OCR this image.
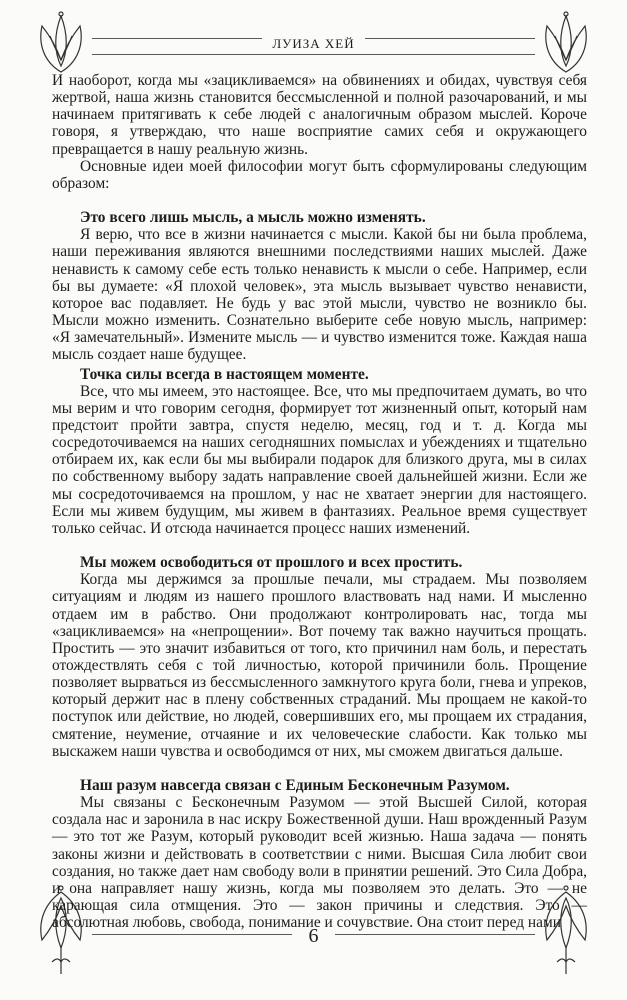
ЛУИЗА ХЕЙ

И наоборот, когда мы «зацикливаемся» на обвинениях и обидах, чувствуя себя жертвой, наша жизнь становится бессмысленной и полной разочарований, и мы начинаем притягивать к себе людей с аналогичным образом мыслей. Короче говоря, я утверждаю, что наше восприятие самих себя и окружающего превращается в нашу реальную жизнь.

Основные идеи моей философии могут быть сформулированы следующим образом:

Это всего лишь мысль, а мысль можно изменять.

Я верю, что все в жизни начинается с мысли. Какой бы ни была проблема, наши переживания являются внешними последствиями наших мыслей. Даже ненависть к самому себе есть только ненависть к мысли о себе. Например, если бы вы думаете: «Я плохой человек», эта мысль вызывает чувство ненависти, которое вас подавляет. Не будь у вас этой мысли, чувство не возникло бы. Мысли можно изменить. Сознательно выберите себе новую мысль, например: «Я замечательный». Измените мысль — и чувство изменится тоже. Каждая наша мысль создает наше будущее.

Точка силы всегда в настоящем моменте.

Все, что мы имеем, это настоящее. Все, что мы предпочитаем думать, во что мы верим и что говорим сегодня, формирует тот жизненный опыт, который нам предстоит пройти завтра, спустя неделю, месяц, год и т. д. Когда мы сосредоточиваемся на наших сегодняшних помыслах и убеждениях и тщательно отбираем их, как если бы мы выбирали подарок для близкого друга, мы в силах по собственному выбору задать направление своей дальнейшей жизни. Если же мы сосредоточиваемся на прошлом, у нас не хватает энергии для настоящего. Если мы живем будущим, мы живем в фантазиях. Реальное время существует только сейчас. И отсюда начинается процесс наших изменений.

Мы можем освободиться от прошлого и всех простить.

Когда мы держимся за прошлые печали, мы страдаем. Мы позволяем ситуациям и людям из нашего прошлого властвовать над нами. И мысленно отдаем им в рабство. Они продолжают контролировать нас, тогда мы «зацикливаемся» на «непрощении». Вот почему так важно научиться прощать. Простить — это значит избавиться от того, кто причинил нам боль, и перестать отождествлять себя с той личностью, которой причинили боль. Прощение позволяет вырваться из бессмысленного замкнутого круга боли, гнева и упреков, который держит нас в плену собственных страданий. Мы прощаем не какой-то поступок или действие, но людей, совершивших его, мы прощаем их страдания, смятение, неумение, отчаяние и их человеческие слабости. Как только мы выскажем наши чувства и освободимся от них, мы сможем двигаться дальше.

Наш разум навсегда связан с Единым Бесконечным Разумом.

Мы связаны с Бесконечным Разумом — этой Высшей Силой, которая создала нас и заронила в нас искру Божественной души. Наш врожденный Разум — это тот же Разум, который руководит всей жизнью. Наша задача — понять законы жизни и действовать в соответствии с ними. Высшая Сила любит свои создания, но также дает нам свободу воли в принятии решений. Это Сила Добра, и она направляет нашу жизнь, когда мы позволяем это делать. Это — не карающая сила отмщения. Это — закон причины и следствия. Это — абсолютная любовь, свобода, понимание и сочувствие. Она стоит перед нами

6
